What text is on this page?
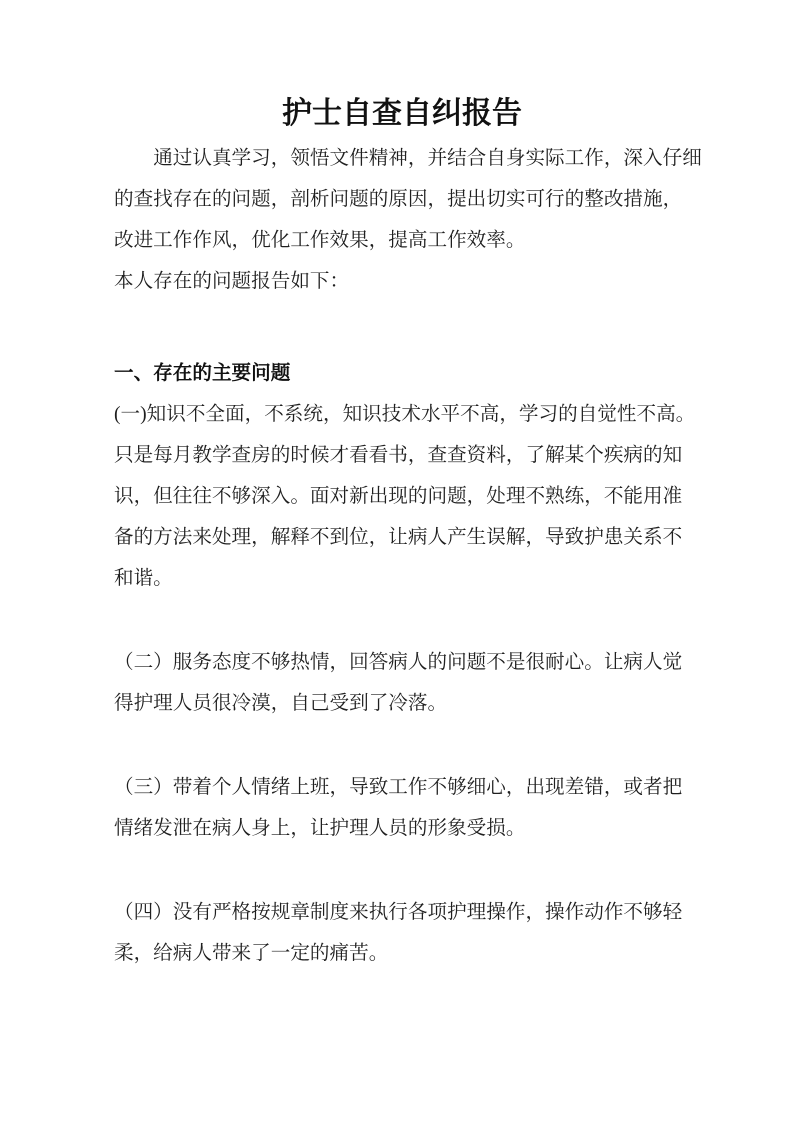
护士自查自纠报告
通过认真学习，领悟文件精神，并结合自身实际工作，深入仔细
的查找存在的问题，剖析问题的原因，提出切实可行的整改措施，
改进工作作风，优化工作效果，提高工作效率。
本人存在的问题报告如下：
一、存在的主要问题
(一)知识不全面，不系统，知识技术水平不高，学习的自觉性不高。
只是每月教学查房的时候才看看书，查查资料，了解某个疾病的知
识，但往往不够深入。面对新出现的问题，处理不熟练，不能用准
备的方法来处理，解释不到位，让病人产生误解，导致护患关系不
和谐。
（二）服务态度不够热情，回答病人的问题不是很耐心。让病人觉
得护理人员很冷漠，自己受到了冷落。
（三）带着个人情绪上班，导致工作不够细心，出现差错，或者把
情绪发泄在病人身上，让护理人员的形象受损。
（四）没有严格按规章制度来执行各项护理操作，操作动作不够轻
柔，给病人带来了一定的痛苦。
